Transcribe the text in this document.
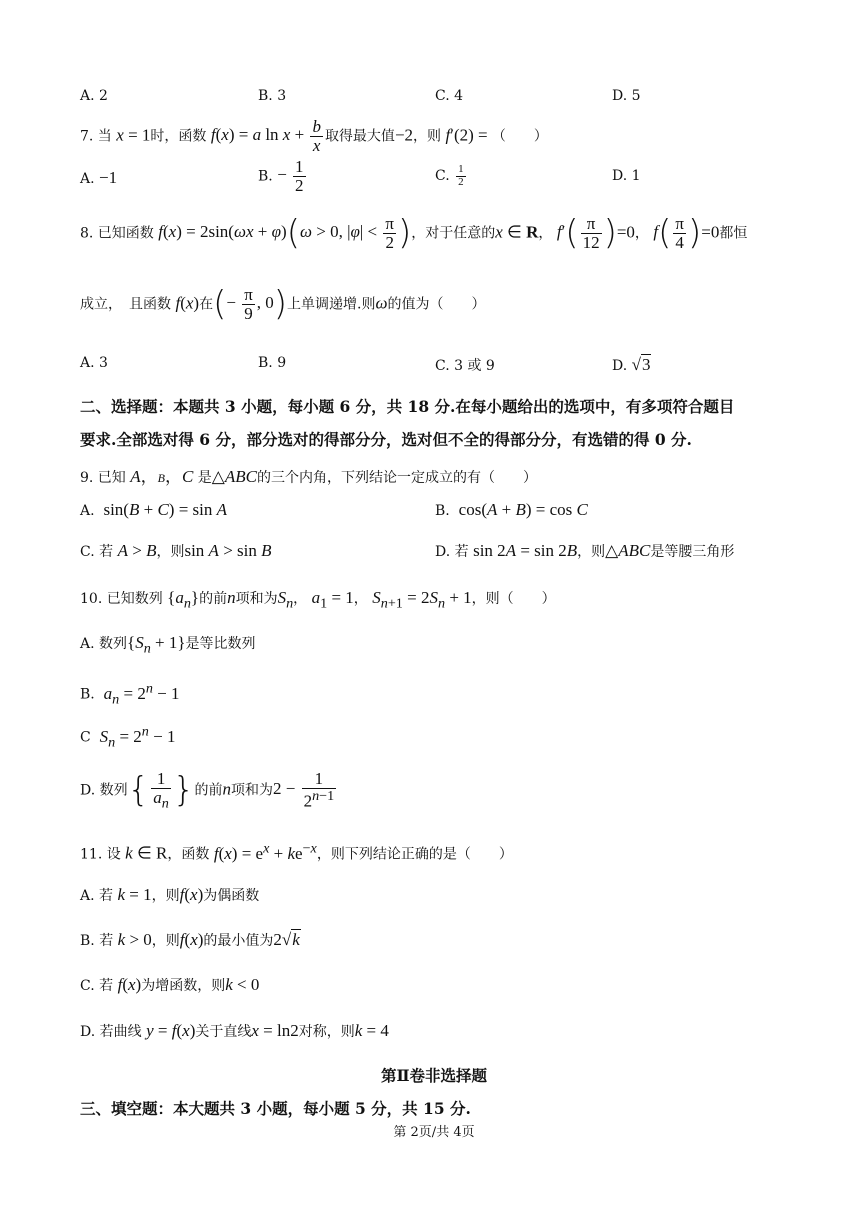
A. 2	B. 3	C. 4	D. 5
7. 当 x = 1时，函数 f(x) = a $\ln x + \frac{b}{x}$ 取得最大值−2，则 f′(2) = （　　）
A. −1	B. − $\frac{1}{2}$	C. $\frac{1}{2}$	D. 1
8. 已知函数 f(x) = 2sin(ωx + φ)(ω > 0, $|\varphi| < \frac{\pi}{2}$ )，对于任意的x ∈ R， $f'( \frac{\pi}{12} )=0$， $f( \frac{\pi}{4} )=0$都恒
成立，　且函数 f(x)在(− $\frac{\pi}{9}$ , 0)上单调递增.则ω的值为（　　）
A. 3	B. 9	C. 3 或 9	D. √3
二、选择题：本题共 3 小题，每小题 6 分，共 18 分.在每小题给出的选项中，有多项符合题目
要求.全部选对得 6 分，部分选对的得部分分，选对但不全的得部分分，有选错的得 0 分.
9. 已知 A，B，C 是△ABC的三个内角，下列结论一定成立的有（　　）
A. sin(B + C) = sin A	B. cos(A + B) = cos C
C. 若 A > B，则sin A > sin B	D. 若 sin 2A = sin 2B，则△ABC是等腰三角形
10. 已知数列 $\{a_n\}$的前n项和为$S_n$， $a_1 = 1$， $S_{n+1} = 2S_n + 1$，则（　　）
A. 数列$\{S_n + 1\}$是等比数列
B. $a_n = 2^n - 1$
C $S_n = 2^n - 1$
D. 数列{ $\frac{1}{a_n}$ }的前n项和为$2 - \frac{1}{2^{n-1}}$
11. 设 k ∈ R，函数 $f(x) = e^x + ke^{-x}$，则下列结论正确的是（　　）
A. 若 k = 1，则f(x)为偶函数
B. 若 k > 0，则f(x)的最小值为2√k
C. 若 f(x)为增函数，则k < 0
D. 若曲线 y = f(x)关于直线x = ln2对称，则k = 4
第Ⅱ卷非选择题
三、填空题：本大题共 3 小题，每小题 5 分，共 15 分.
第 2页/共 4页
